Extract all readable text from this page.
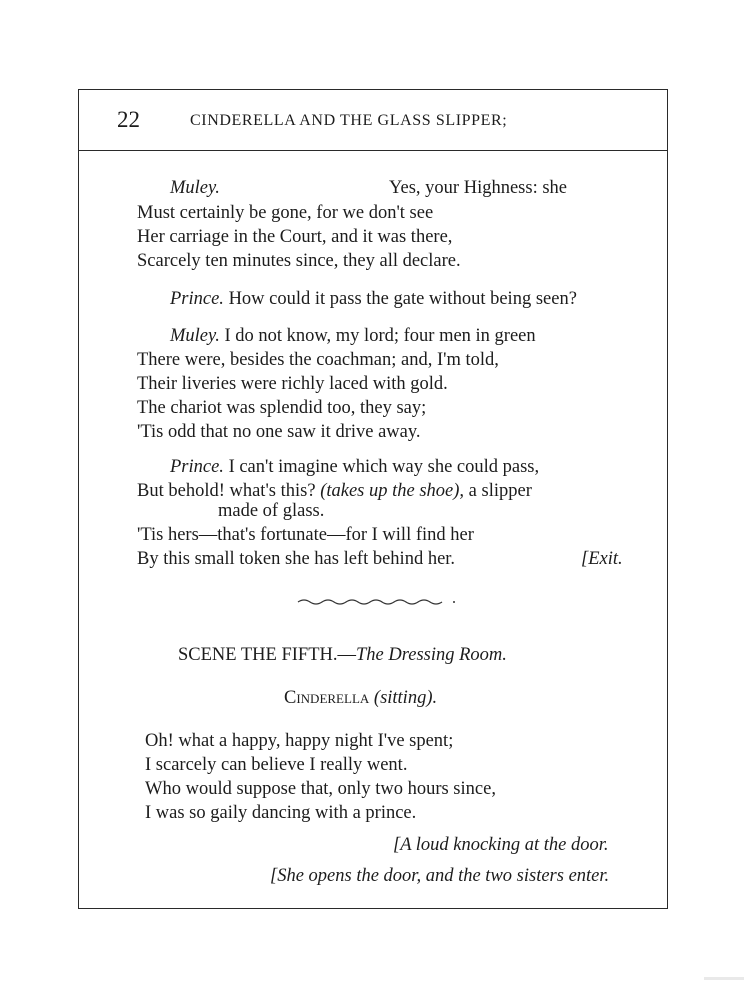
22	CINDERELLA AND THE GLASS SLIPPER;
Muley.	Yes, your Highness: she
Must certainly be gone, for we don't see
Her carriage in the Court, and it was there,
Scarcely ten minutes since, they all declare.
Prince. How could it pass the gate without being seen?
Muley. I do not know, my lord; four men in green
There were, besides the coachman; and, I'm told,
Their liveries were richly laced with gold.
The chariot was splendid too, they say;
'Tis odd that no one saw it drive away.
Prince. I can't imagine which way she could pass,
But behold! what's this? (takes up the shoe), a slipper
made of glass.
'Tis hers—that's fortunate—for I will find her
By this small token she has left behind her.	[Exit.
SCENE THE FIFTH.—The Dressing Room.
Cinderella (sitting).
Oh! what a happy, happy night I've spent;
I scarcely can believe I really went.
Who would suppose that, only two hours since,
I was so gaily dancing with a prince.
[A loud knocking at the door.
[She opens the door, and the two sisters enter.
